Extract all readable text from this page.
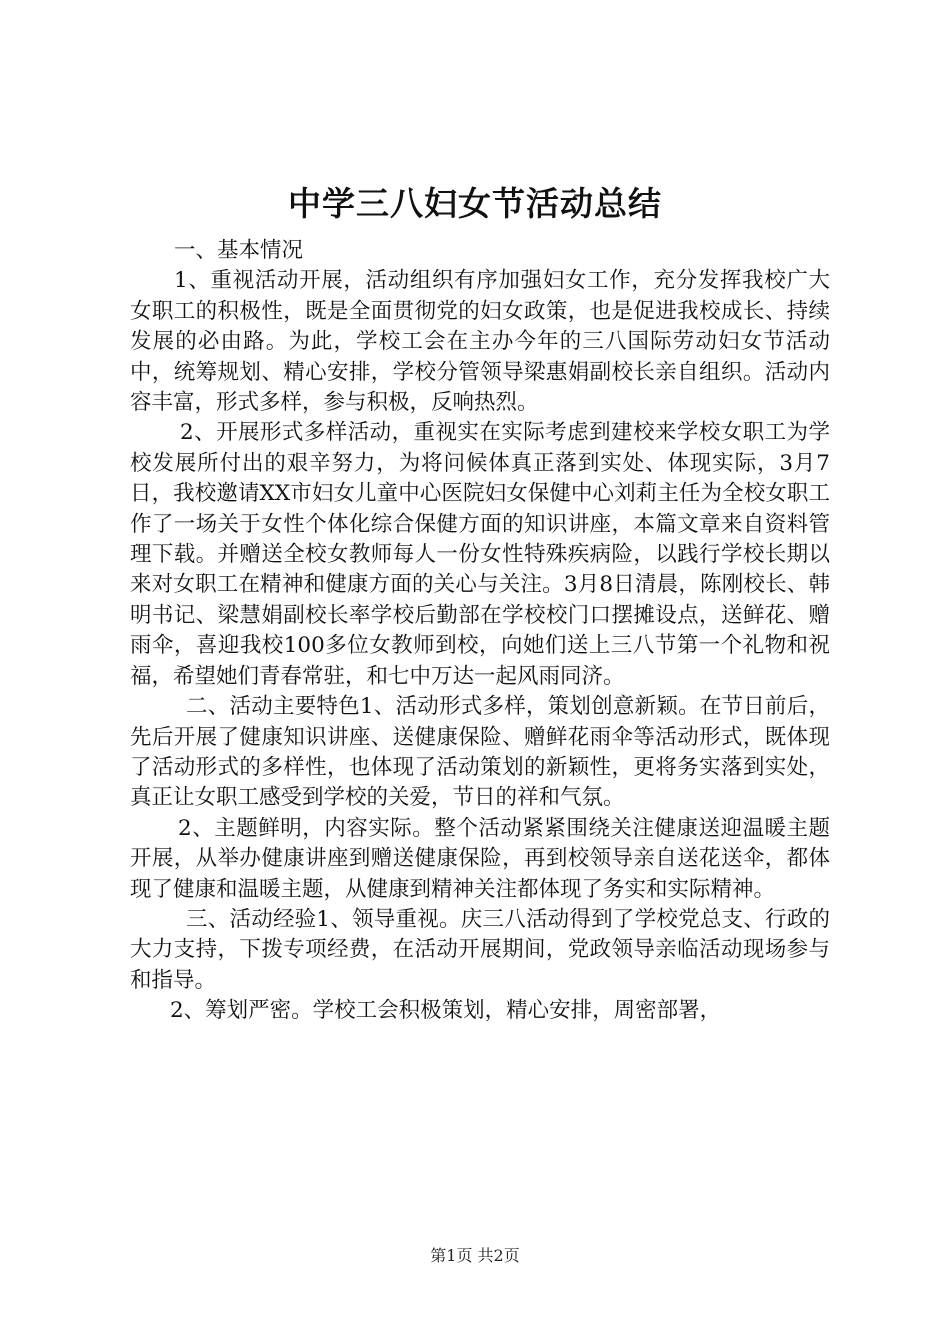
中学三八妇女节活动总结

一、基本情况

1、重视活动开展，活动组织有序加强妇女工作，充分发挥我校广大女职工的积极性，既是全面贯彻党的妇女政策，也是促进我校成长、持续发展的必由路。为此，学校工会在主办今年的三八国际劳动妇女节活动中，统筹规划、精心安排，学校分管领导梁惠娟副校长亲自组织。活动内容丰富，形式多样，参与积极，反响热烈。

2、开展形式多样活动，重视实在实际考虑到建校来学校女职工为学校发展所付出的艰辛努力，为将问候体真正落到实处、体现实际，3月7日，我校邀请XX市妇女儿童中心医院妇女保健中心刘莉主任为全校女职工作了一场关于女性个体化综合保健方面的知识讲座，本篇文章来自资料管理下载。并赠送全校女教师每人一份女性特殊疾病险，以践行学校长期以来对女职工在精神和健康方面的关心与关注。3月8日清晨，陈刚校长、韩明书记、梁慧娟副校长率学校后勤部在学校校门口摆摊设点，送鲜花、赠雨伞，喜迎我校100多位女教师到校，向她们送上三八节第一个礼物和祝福，希望她们青春常驻，和七中万达一起风雨同济。

二、活动主要特色1、活动形式多样，策划创意新颖。在节日前后，先后开展了健康知识讲座、送健康保险、赠鲜花雨伞等活动形式，既体现了活动形式的多样性，也体现了活动策划的新颖性，更将务实落到实处，真正让女职工感受到学校的关爱，节日的祥和气氛。

2、主题鲜明，内容实际。整个活动紧紧围绕关注健康送迎温暖主题开展，从举办健康讲座到赠送健康保险，再到校领导亲自送花送伞，都体现了健康和温暖主题，从健康到精神关注都体现了务实和实际精神。

三、活动经验1、领导重视。庆三八活动得到了学校党总支、行政的大力支持，下拨专项经费，在活动开展期间，党政领导亲临活动现场参与和指导。

2、筹划严密。学校工会积极策划，精心安排，周密部署，

第1页 共2页
